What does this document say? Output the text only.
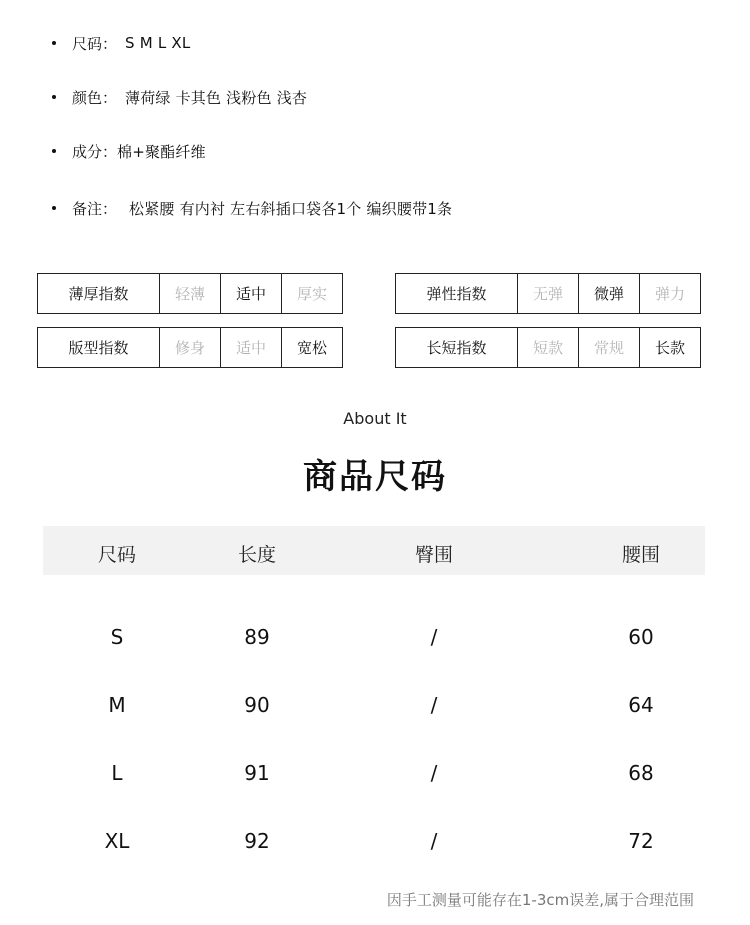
尺码： S M L XL
颜色： 薄荷绿 卡其色 浅粉色 浅杏
成分： 棉+聚酯纤维
备注： 松紧腰 有内衬 左右斜插口袋各1个 编织腰带1条
薄厚指数	轻薄	适中	厚实	弹性指数	无弹	微弹	弹力
版型指数	修身	适中	宽松	长短指数	短款	常规	长款
About It
商品尺码
尺码	长度	臀围	腰围
S	89	/	60
M	90	/	64
L	91	/	68
XL	92	/	72
因手工测量可能存在1-3cm误差,属于合理范围
